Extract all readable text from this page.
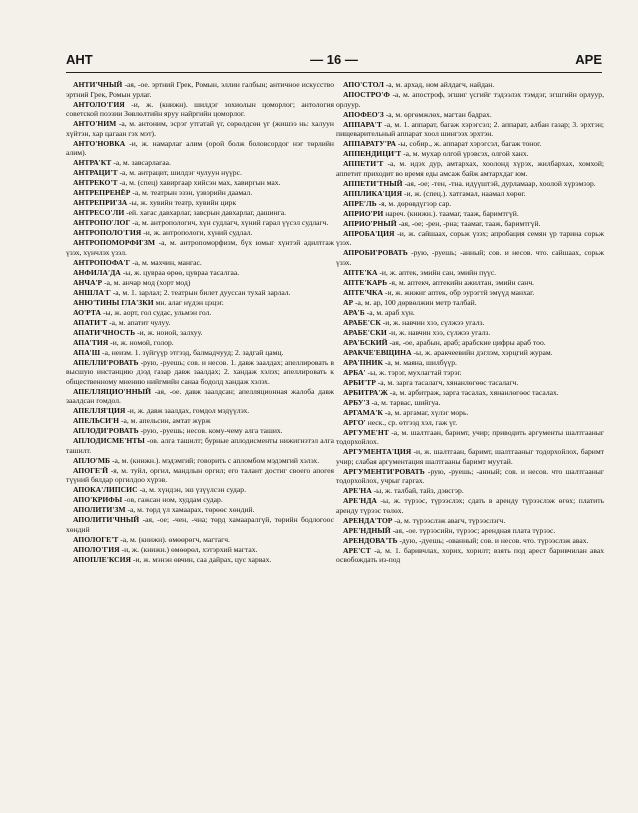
АНТ	— 16 —	АРЕ

АНТИ'ЧНЫЙ -ая, -ое. эртний Грек, Ромын, эллин галбын; античное искусство эртний Грек, Ромын урлаг.

АНТОЛО'ГИЯ -и, ж. (книжн). шилдэг зохиолын цоморлог; антология советской поэзии Зөвлөлтийн яруу найргийн цоморлог.

АНТО'НИМ -а, м. антоним, эсрэг утгатай үг, сөрөлдсөн үг (жишээ нь: халуун хүйтэн, хар цагаан гэх мэт).

АНТО'НОВКА -и, ж. намарлаг алим (орой болж боловсордог нэг төрлийн алим).

АНТРА'КТ -а, м. завсарлагаа.

АНТРАЦИ'Т -а, м. антрацит, шилдэг чулуун нүүрс.

АНТРЕКО'Т -а, м. (спец) хавиргаар хийсэн мах, хавиргын мах.

АНТРЕПРЕНЁР -а, м. театрын эзэн, үзвэрийн даамал.

АНТРЕПРИ'ЗА -ы, ж. хувийн театр, хувийн цирк

АНТРЕСО'ЛИ -ей. хагас давхарлаг, завсрын давхарлаг, дашинга.

АНТРОПО'ЛОГ -а, м. антропологич, хүн судлагч, хүний гарал үүсэл судлагч.

АНТРОПОЛО'ГИЯ -и, ж. антропологи, хүний судлал.

АНТРОПОМОРФИ'ЗМ -а, м. антропоморфизм, бүх юмыг хүнтэй адилтгаж үзэх, хүнчлэх үзэл.

АНТРОПОФА'Г -а, м. махчин, мангас.

АНФИЛА'ДА -ы, ж. цувраа өрөө, цувраа тасалгаа.

АНЧА'Р -а, м. анчар мод (хорт мод)

АНШЛА'Г -а, м. 1. зарлал; 2. театрын билет дууссан тухай зарлал.

АНЮ'ТИНЫ ГЛА'ЗКИ мн. алаг нүдэн цэцэг.

АО'РТА -ы, ж. аорт, гол судас, ульмэн гол.

АПАТИ'Т -а, м. апатит чулуу.

АПАТИ'ЧНОСТЬ -и, ж. ноиой, залхуу.

АПА'ТИЯ -и, ж. номой, голор.

АПА'Ш -а, неизм. 1. зүйгүүр этгээд, балмадчууд; 2. задгай цамц.

АПЕЛЛИ'РОВАТЬ -рую, -руешь; сов. и несов. 1. давж заалдах; апеллировать в высшую инстанцию дээд газар давж заалдах; 2. хандаж хэлэх; апеллировать к общественному мнению нийгмийн санаа бодолд хандаж хэлэх.

АПЕЛЛЯЦИО'ННЫЙ -ая, -ое. давж заалдсан; апелляционная жалоба давж заалдсан гомдол.

АПЕЛЛЯ'ЦИЯ -и, ж. давж заалдах, гомдол мэдүүлэх.

АПЕЛЬСИ'Н -а, м. апельсин, амтат жүрж

АПЛОДИ'РОВАТЬ -рую, -руешь; несов. кому-чему алга таших.

АПЛОДИСМЕ'НТЫ -ов. алга ташилт; бурные аплодисменты нижигнэтэл алга ташилт.

АПЛО'МБ -а, м. (книжн.). мэдэмгий; говорить с апломбом мэдэмгий хэлэх.

АПОГЕ'Й -я, м. туйл, оргил, мандлын оргил; его талант достиг своего апогея түүний бялдар оргилдоо хүрэв.

АПОКА'ЛИПСИС -а, м. хүндэн, эш үзүүлсэн судар.

АПО'КРИФЫ -ов, гажсан ном, худдам судар.

АПОЛИТИ'ЗМ -а, м. төрд үл хамаарах, төрөөс хөндий.

АПОЛИТИ'ЧНЫЙ -ая, -ое; -чен, -чна; төрд хамааралгүй, төрийн бодлогоос хөндий

АПОЛОГЕ'Т -а, м. (книжн). өмөөрөгч, магтагч.

АПОЛО'ГИЯ -и, ж. (книжн.) өмөөрөл, хэтэрхий магтах.

АПОПЛЕ'КСИЯ -и, ж. мэнэн өвчин, саа дайрах, цус харвах.

АПО'СТОЛ -а, м. архад, ном айлдагч, найдан.

АПОСТРО'Ф -а, м. апостроф, эгшиг үсгийг тэдээлэх тэмдэг, эгшгийн орлуур, орлуур.

АПОФЕО'З -а, м. өргөмжлөх, магтан бадрах.

АППАРА'Т -а, м. 1. аппарат, багаж хэрэгсэл; 2. аппарат, албан газар; 3. эрхтэн; пищеварительный аппарат хоол шингээх эрхтэн.

АППАРАТУ'РА -ы, собир., ж. аппарат хэрэгсэл, багаж тоног.

АППЕНДИЦИ'Т -а, м. мухар олгой үрэвсэх, олгой ханх.

АППЕТИ'Т -а, м. идэх дур, амтархах, хоолонд хүрэх, жилбархах, хомхой; аппетит приходит во время еды амсаж байж амтархдаг юм.

АППЕТИ'ТНЫЙ -ая, -ое; -тен, -тна. идүүштэй, дурламаар, хоолой хүрэмээр.

АППЛИКА'ЦИЯ -и, ж. (спец.). хатгамал, наамал хөрөг.

АПРЕ'ЛЬ -я, м. дөрөвдүгээр сар.

АПРИО'РИ нареч. (книжн.). таамаг, тааж, баримтгүй.

АПРИО'РНЫЙ -ая, -ое; -рен, -рна; таамаг, тааж, баримтгүй.

АПРОБА'ЦИЯ -и, ж. сайшаах, сорьж үзэх; апробация семян үр тарина сорьж үзэх.

АПРОБИ'РОВАТЬ -рую, -руешь; -анный; сов. и несов. что. сайшаах, сорьж үзэх.

АПТЕ'КА -и, ж. аптек, эмийн сан, эмийн пүүс.

АПТЕ'КАРЬ -я, м. аптекч, аптекийн ажилтан, эмийн санч.

АПТЕ'ЧКА -и, ж. жижиг аптек, обр эурэгтй эмүүд манхаг.

АР -а, м. ар, 100 дөрвөлжин метр талбай.

АРА'Б -а, м. араб хүн.

АРАБЕ'СК -и, ж. навчин хээ, сүлжээ угалз.

АРАБЕ'СКИ -и, ж. навчин хээ, сүлжээ угалз.

АРА'БСКИЙ -ая, -ое, арабын, араб; арабские цифры араб тоо.

АРАКЧЕ'ЕВЩИНА -ы, ж. аракчеевийн дэглэм, хэрцгий журам.

АРА'ПНИК -а, м. маяна, шилбүүр.

АРБА' -ы, ж. тэрэг, мухлагтай тэрэг.

АРБИ'ТР -а, м. зарга тасалагч, хянанлөгөөс тасалагч.

АРБИТРА'Ж -а, м. арбитраж, зарга тасалах, хянанлөгөөс тасалах.

АРБУ'З -а, м. тарвас, шийгуа.

АРГАМА'К -а, м. аргамаг, хүлэг морь.

АРГО' неск., ср. өтгээд хэл, гаж үг.

АРГУМЕ'НТ -а, м. шалтгаан, баримт, учир; приводить аргументы шалтгааныг тодорхойлох.

АРГУМЕНТА'ЦИЯ -и, ж. шалтгаан, баримт, шалтгааныг тодорхойлох, баримт учир; слабая аргументация шалтгааны баримт муутай.

АРГУМЕНТИ'РОВАТЬ -рую, -руешь; -анный; сов. и несов. что шалтгааныг тодорхойлох, учрыг гаргах.

АРЕ'НА -ы, ж. талбай, тайз, дэвсгэр.

АРЕ'НДА -ы, ж. түрээс, түрээслэх; сдать в аренду түрээслэж өгөх; платить аренду түрээс төлөх.

АРЕНДА'ТОР -а, м. түрээслэж авагч, түрээслэгч.

АРЕ'НДНЫЙ -ая, -ое. түрээсийн, түрээс; арендная плата түрээс.

АРЕНДОВА'ТЬ -дую, -дуешь; -ованный; сов. и несов. что. түрээслэж авах.

АРЕ'СТ -а, м. 1. баривчлах, хорих, хорилт; взять под арест баривчилан авах освобождать из-под
